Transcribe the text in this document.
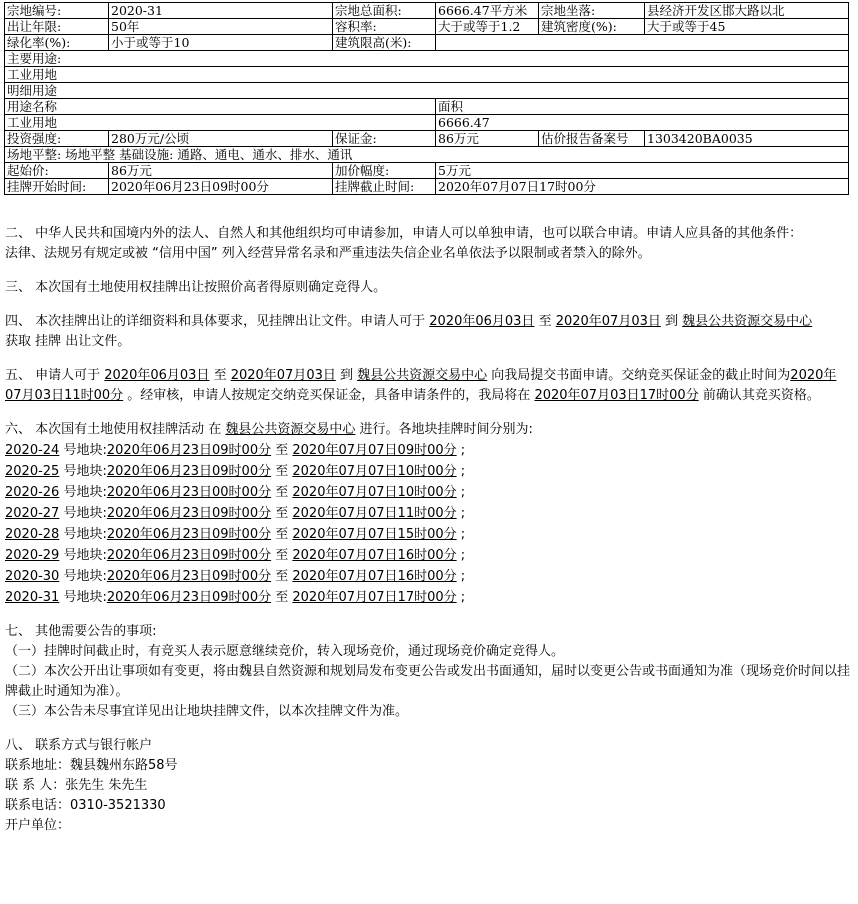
宗地编号:	2020-31	宗地总面积:	6666.47平方米	宗地坐落:	县经济开发区邯大路以北
出让年限:	50年	容积率:	大于或等于1.2	建筑密度(%):	大于或等于45
绿化率(%):	小于或等于10	建筑限高(米):			
主要用途:					
工业用地					
明细用途					
用途名称			面积		
工业用地			6666.47		
投资强度:	280万元/公顷	保证金:	86万元	估价报告备案号	1303420BA0035
场地平整: 场地平整 基础设施: 通路、通电、通水、排水、通讯					
起始价:	86万元	加价幅度:	5万元		
挂牌开始时间:	2020年06月23日09时00分	挂牌截止时间:	2020年07月07日17时00分		

二、 中华人民共和国境内外的法人、自然人和其他组织均可申请参加，申请人可以单独申请，也可以联合申请。申请人应具备的其他条件：

法律、法规另有规定或被 “信用中国” 列入经营异常名录和严重违法失信企业名单依法予以限制或者禁入的除外。

三、 本次国有土地使用权挂牌出让按照价高者得原则确定竞得人。

四、 本次挂牌出让的详细资料和具体要求，见挂牌出让文件。申请人可于 2020年06月03日 至 2020年07月03日 到 魏县公共资源交易中心
获取 挂牌 出让文件。

五、 申请人可于 2020年06月03日 至 2020年07月03日 到 魏县公共资源交易中心 向我局提交书面申请。交纳竞买保证金的截止时间为2020年07月03日11时00分 。经审核，申请人按规定交纳竞买保证金，具备申请条件的，我局将在 2020年07月03日17时00分 前确认其竞买资格。

六、 本次国有土地使用权挂牌活动 在 魏县公共资源交易中心 进行。各地块挂牌时间分别为:

2020-24 号地块:2020年06月23日09时00分 至 2020年07月07日09时00分 ;
2020-25 号地块:2020年06月23日09时00分 至 2020年07月07日10时00分 ;
2020-26 号地块:2020年06月23日00时00分 至 2020年07月07日10时00分 ;
2020-27 号地块:2020年06月23日09时00分 至 2020年07月07日11时00分 ;
2020-28 号地块:2020年06月23日09时00分 至 2020年07月07日15时00分 ;
2020-29 号地块:2020年06月23日09时00分 至 2020年07月07日16时00分 ;
2020-30 号地块:2020年06月23日09时00分 至 2020年07月07日16时00分 ;
2020-31 号地块:2020年06月23日09时00分 至 2020年07月07日17时00分 ;

七、 其他需要公告的事项:

（一）挂牌时间截止时，有竞买人表示愿意继续竞价，转入现场竞价，通过现场竞价确定竞得人。

（二）本次公开出让事项如有变更，将由魏县自然资源和规划局发布变更公告或发出书面通知，届时以变更公告或书面通知为准（现场竞价时间以挂牌截止时通知为准）。

（三）本公告未尽事宜详见出让地块挂牌文件，以本次挂牌文件为准。

八、 联系方式与银行帐户

联系地址：魏县魏州东路58号

联 系 人：张先生 朱先生

联系电话：0310-3521330

开户单位：
